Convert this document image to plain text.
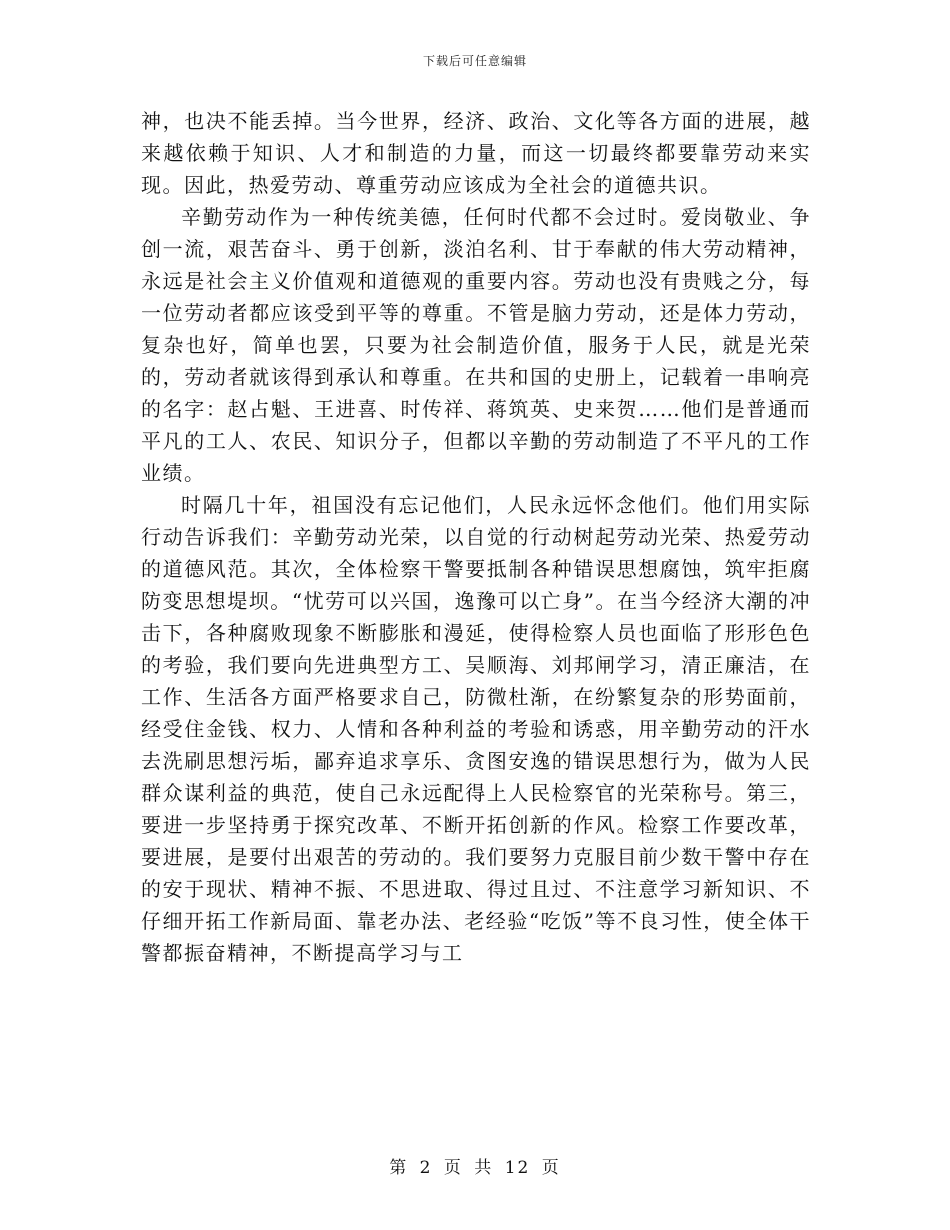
下载后可任意编辑

神，也决不能丢掉。当今世界，经济、政治、文化等各方面的进展，越来越依赖于知识、人才和制造的力量，而这一切最终都要靠劳动来实现。因此，热爱劳动、尊重劳动应该成为全社会的道德共识。

辛勤劳动作为一种传统美德，任何时代都不会过时。爱岗敬业、争创一流，艰苦奋斗、勇于创新，淡泊名利、甘于奉献的伟大劳动精神，永远是社会主义价值观和道德观的重要内容。劳动也没有贵贱之分，每一位劳动者都应该受到平等的尊重。不管是脑力劳动，还是体力劳动，复杂也好，简单也罢，只要为社会制造价值，服务于人民，就是光荣的，劳动者就该得到承认和尊重。在共和国的史册上，记载着一串响亮的名字：赵占魁、王进喜、时传祥、蒋筑英、史来贺……他们是普通而平凡的工人、农民、知识分子，但都以辛勤的劳动制造了不平凡的工作业绩。

时隔几十年，祖国没有忘记他们，人民永远怀念他们。他们用实际行动告诉我们：辛勤劳动光荣，以自觉的行动树起劳动光荣、热爱劳动的道德风范。其次，全体检察干警要抵制各种错误思想腐蚀，筑牢拒腐防变思想堤坝。“忧劳可以兴国，逸豫可以亡身”。在当今经济大潮的冲击下，各种腐败现象不断膨胀和漫延，使得检察人员也面临了形形色色的考验，我们要向先进典型方工、吴顺海、刘邦闸学习，清正廉洁，在工作、生活各方面严格要求自己，防微杜渐，在纷繁复杂的形势面前，经受住金钱、权力、人情和各种利益的考验和诱惑，用辛勤劳动的汗水去洗刷思想污垢，鄙弃追求享乐、贪图安逸的错误思想行为，做为人民群众谋利益的典范，使自己永远配得上人民检察官的光荣称号。第三，要进一步坚持勇于探究改革、不断开拓创新的作风。检察工作要改革，要进展，是要付出艰苦的劳动的。我们要努力克服目前少数干警中存在的安于现状、精神不振、不思进取、得过且过、不注意学习新知识、不仔细开拓工作新局面、靠老办法、老经验“吃饭”等不良习性，使全体干警都振奋精神，不断提高学习与工

第 2 页 共 12 页
